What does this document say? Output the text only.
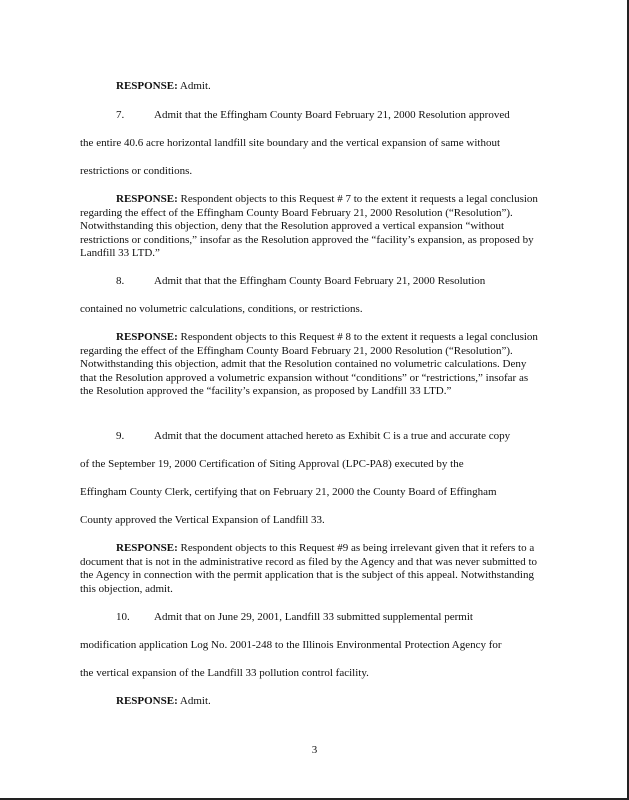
RESPONSE: Admit.
7.	Admit that the Effingham County Board February 21, 2000 Resolution approved
the entire 40.6 acre horizontal landfill site boundary and the vertical expansion of same without
restrictions or conditions.
RESPONSE: Respondent objects to this Request # 7 to the extent it requests a legal conclusion regarding the effect of the Effingham County Board February 21, 2000 Resolution (“Resolution”). Notwithstanding this objection, deny that the Resolution approved a vertical expansion “without restrictions or conditions,” insofar as the Resolution approved the “facility’s expansion, as proposed by Landfill 33 LTD.”
8.	Admit that that the Effingham County Board February 21, 2000 Resolution
contained no volumetric calculations, conditions, or restrictions.
RESPONSE: Respondent objects to this Request # 8 to the extent it requests a legal conclusion regarding the effect of the Effingham County Board February 21, 2000 Resolution (“Resolution”). Notwithstanding this objection, admit that the Resolution contained no volumetric calculations. Deny that the Resolution approved a volumetric expansion without “conditions” or “restrictions,” insofar as the Resolution approved the “facility’s expansion, as proposed by Landfill 33 LTD.”
9.	Admit that the document attached hereto as Exhibit C is a true and accurate copy
of the September 19, 2000 Certification of Siting Approval (LPC-PA8) executed by the
Effingham County Clerk, certifying that on February 21, 2000 the County Board of Effingham
County approved the Vertical Expansion of Landfill 33.
RESPONSE: Respondent objects to this Request #9 as being irrelevant given that it refers to a document that is not in the administrative record as filed by the Agency and that was never submitted to the Agency in connection with the permit application that is the subject of this appeal. Notwithstanding this objection, admit.
10. Admit that on June 29, 2001, Landfill 33 submitted supplemental permit
modification application Log No. 2001-248 to the Illinois Environmental Protection Agency for
the vertical expansion of the Landfill 33 pollution control facility.
RESPONSE: Admit.
3
